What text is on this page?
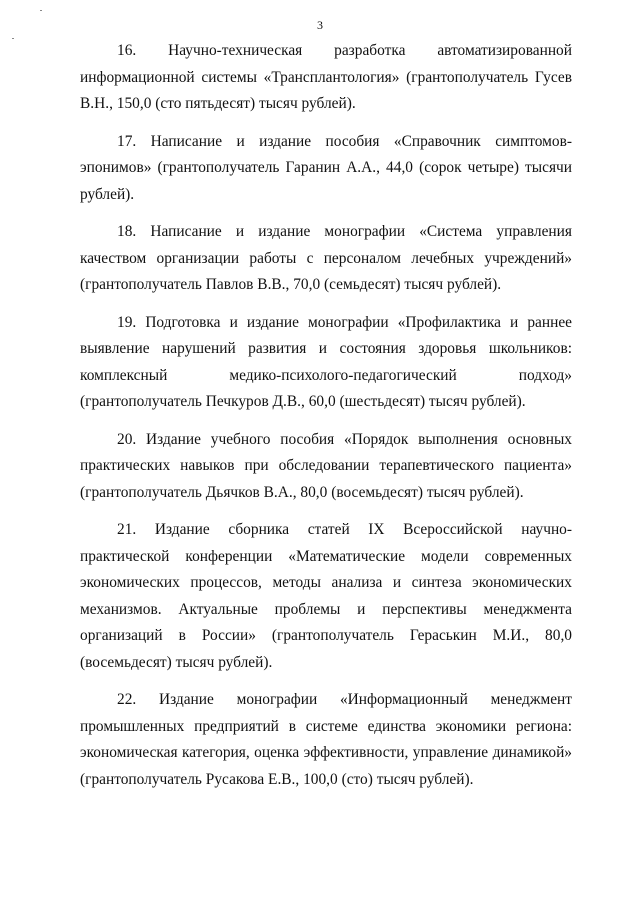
3

16. Научно-техническая разработка автоматизированной информационной системы «Трансплантология» (грантополучатель Гусев В.Н., 150,0 (сто пятьдесят) тысяч рублей).

17. Написание и издание пособия «Справочник симптомов-эпонимов» (грантополучатель Гаранин А.А., 44,0 (сорок четыре) тысячи рублей).

18. Написание и издание монографии «Система управления качеством организации работы с персоналом лечебных учреждений» (грантополучатель Павлов В.В., 70,0 (семьдесят) тысяч рублей).

19. Подготовка и издание монографии «Профилактика и раннее выявление нарушений развития и состояния здоровья школьников: комплексный медико-психолого-педагогический подход» (грантополучатель Печкуров Д.В., 60,0 (шестьдесят) тысяч рублей).

20. Издание учебного пособия «Порядок выполнения основных практических навыков при обследовании терапевтического пациента» (грантополучатель Дьячков В.А., 80,0 (восемьдесят) тысяч рублей).

21. Издание сборника статей IX Всероссийской научно-практической конференции «Математические модели современных экономических процессов, методы анализа и синтеза экономических механизмов. Актуальные проблемы и перспективы менеджмента организаций в России» (грантополучатель Гераськин М.И., 80,0 (восемьдесят) тысяч рублей).

22. Издание монографии «Информационный менеджмент промышленных предприятий в системе единства экономики региона: экономическая категория, оценка эффективности, управление динамикой» (грантополучатель Русакова Е.В., 100,0 (сто) тысяч рублей).
